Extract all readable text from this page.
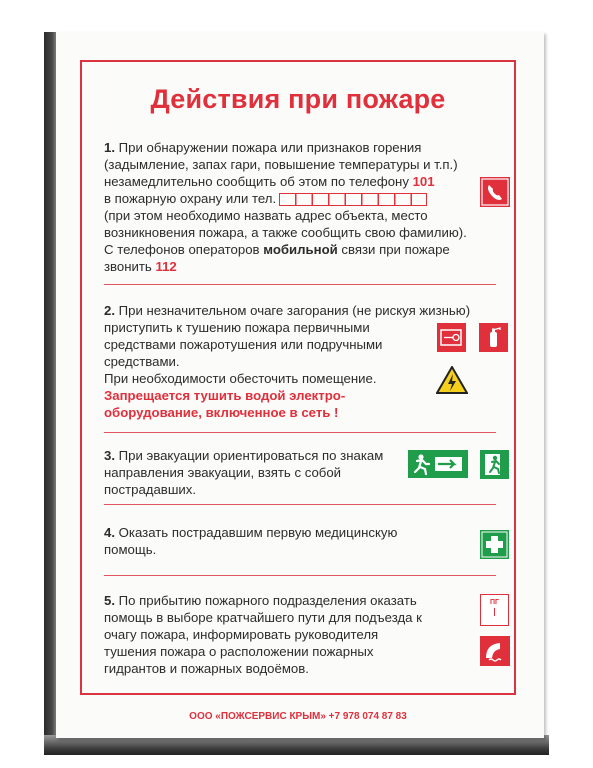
Действия при пожаре
1. При обнаружении пожара или признаков горения
(задымление, запах гари, повышение температуры и т.п.)
незамедлительно сообщить об этом по телефону 101
в пожарную охрану или тел.
(при этом необходимо назвать адрес объекта, место
возникновения пожара, а также сообщить свою фамилию).
С телефонов операторов мобильной связи при пожаре
звонить 112
2. При незначительном очаге загорания (не рискуя жизнью)
приступить к тушению пожара первичными
средствами пожаротушения или подручными
средствами.
При необходимости обесточить помещение.
Запрещается тушить водой электро-
оборудование, включенное в сеть !
3. При эвакуации ориентироваться по знакам
направления эвакуации, взять с собой
пострадавших.
4. Оказать пострадавшим первую медицинскую
помощь.
5. По прибытию пожарного подразделения оказать
помощь в выборе кратчайшего пути для подъезда к
очагу пожара, информировать руководителя
тушения пожара о расположении пожарных
гидрантов и пожарных водоёмов.
ПГ
ООО «ПОЖСЕРВИС КРЫМ» +7 978 074 87 83
